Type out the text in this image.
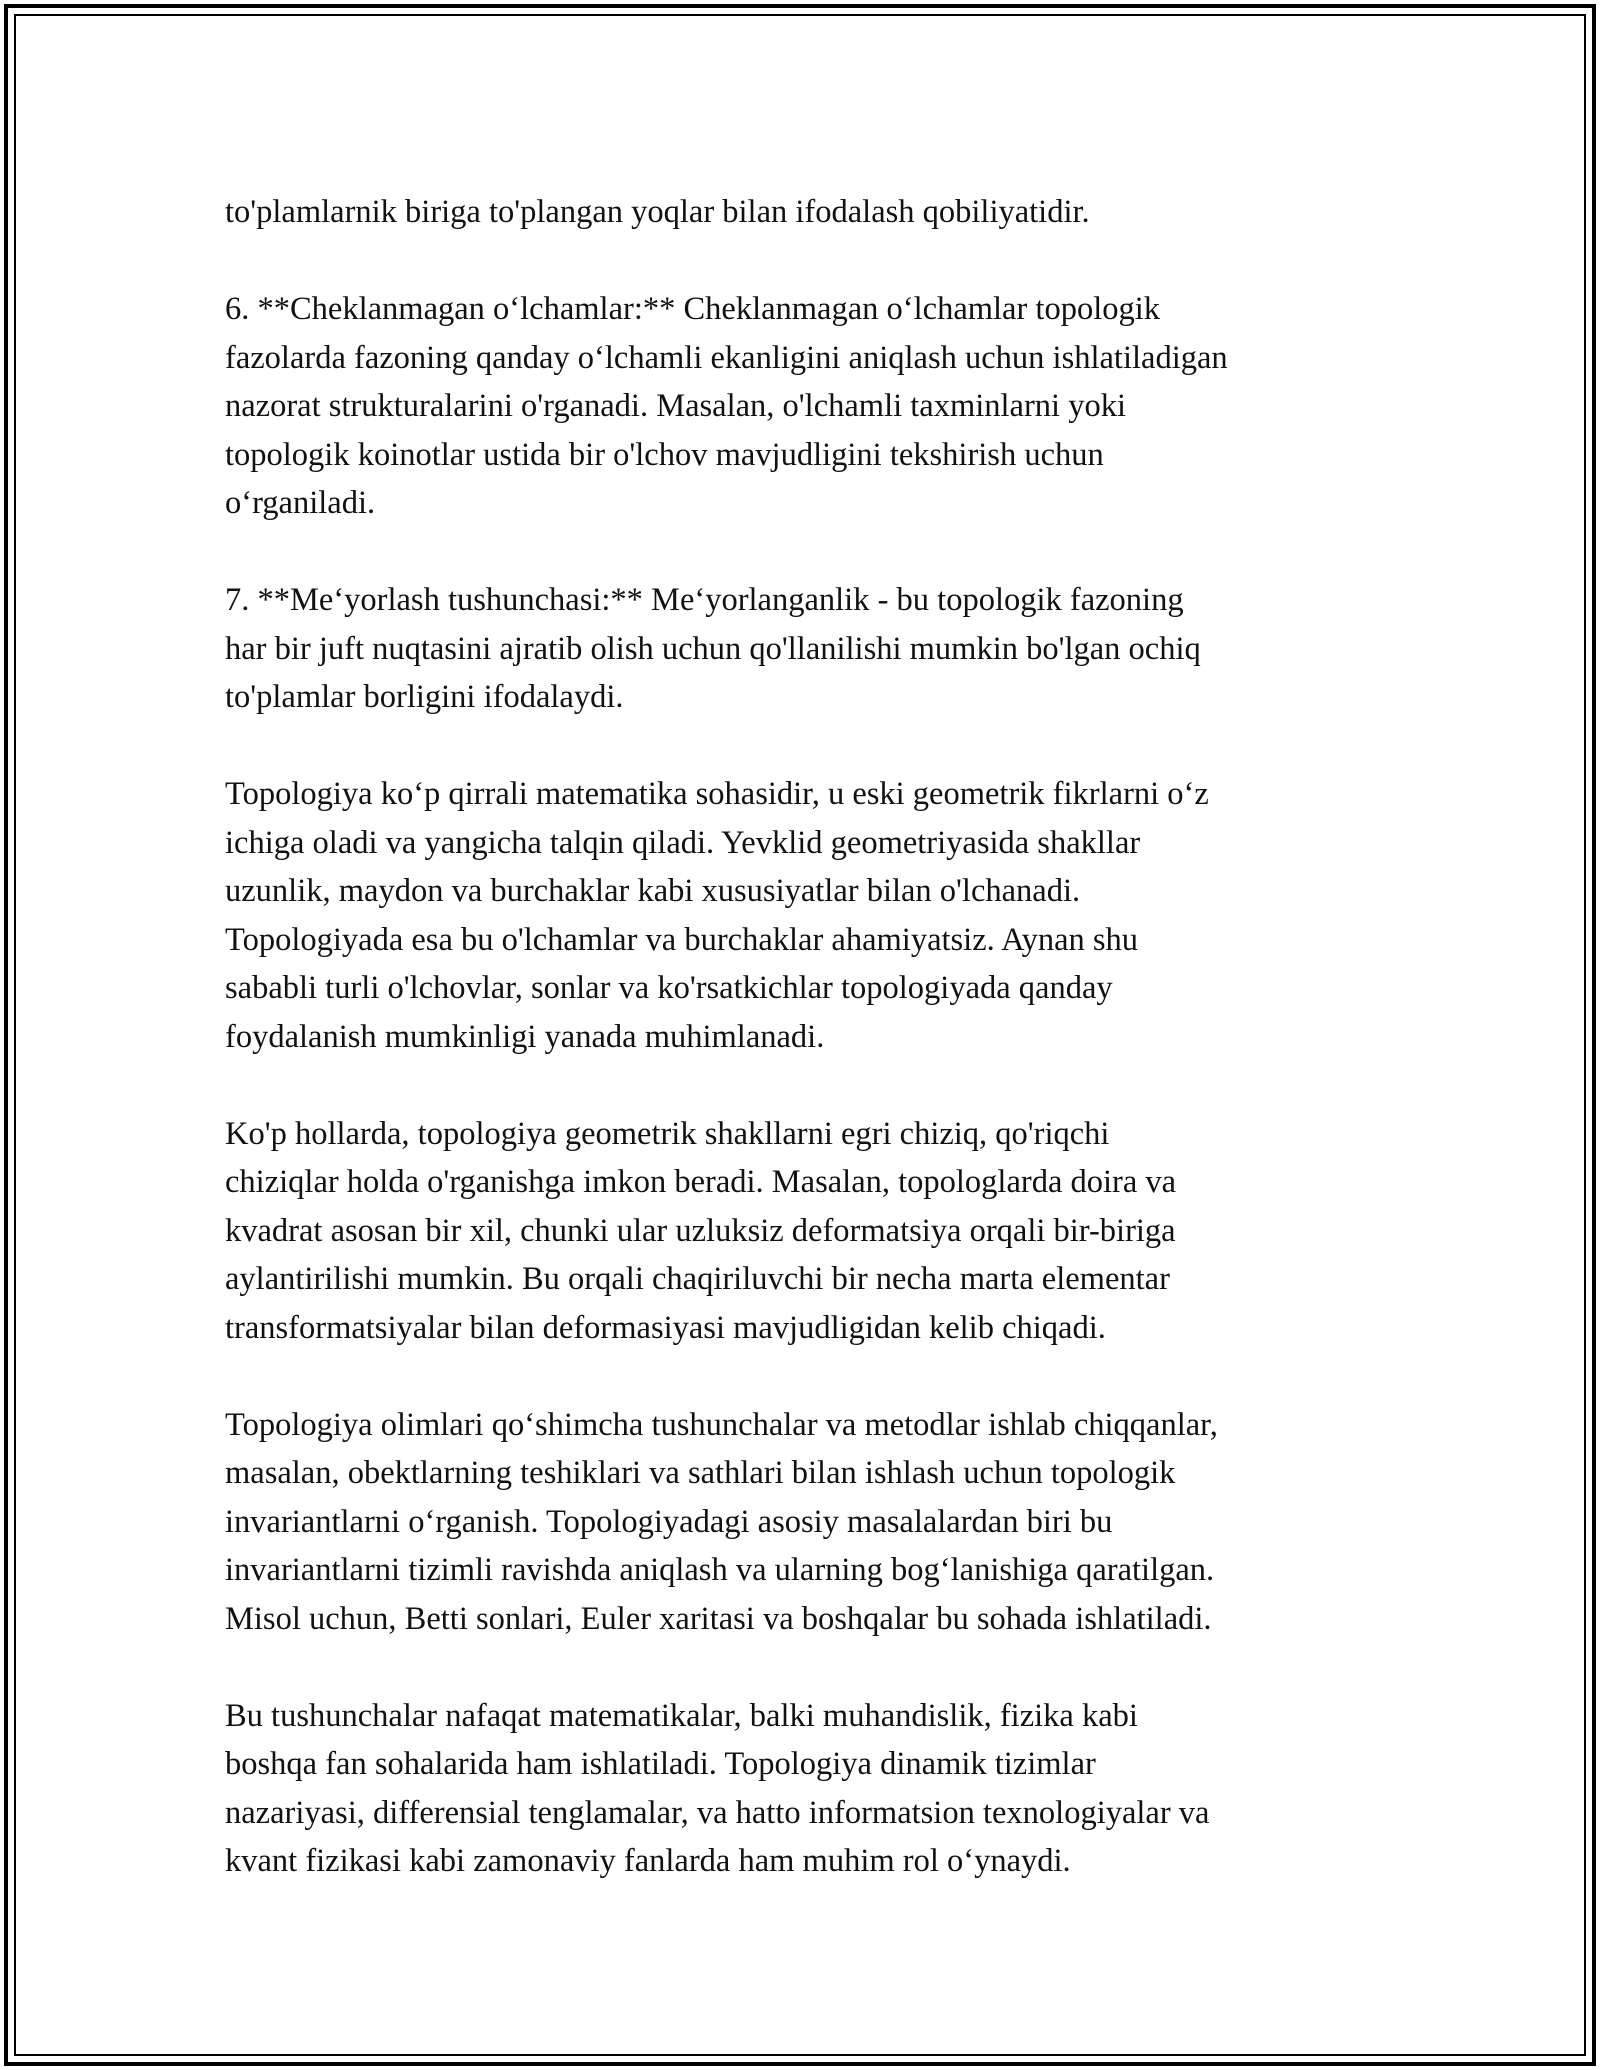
to'plamlarnik biriga to'plangan yoqlar bilan ifodalash qobiliyatidir.

6. **Cheklanmagan o‘lchamlar:** Cheklanmagan o‘lchamlar topologik
fazolarda fazoning qanday o‘lchamli ekanligini aniqlash uchun ishlatiladigan
nazorat strukturalarini o'rganadi. Masalan, o'lchamli taxminlarni yoki
topologik koinotlar ustida bir o'lchov mavjudligini tekshirish uchun
o‘rganiladi.

7. **Me‘yorlash tushunchasi:** Me‘yorlanganlik - bu topologik fazoning
har bir juft nuqtasini ajratib olish uchun qo'llanilishi mumkin bo'lgan ochiq
to'plamlar borligini ifodalaydi.

Topologiya ko‘p qirrali matematika sohasidir, u eski geometrik fikrlarni o‘z
ichiga oladi va yangicha talqin qiladi. Yevklid geometriyasida shakllar
uzunlik, maydon va burchaklar kabi xususiyatlar bilan o'lchanadi.
Topologiyada esa bu o'lchamlar va burchaklar ahamiyatsiz. Aynan shu
sababli turli o'lchovlar, sonlar va ko'rsatkichlar topologiyada qanday
foydalanish mumkinligi yanada muhimlanadi.

Ko'p hollarda, topologiya geometrik shakllarni egri chiziq, qo'riqchi
chiziqlar holda o'rganishga imkon beradi. Masalan, topologlarda doira va
kvadrat asosan bir xil, chunki ular uzluksiz deformatsiya orqali bir-biriga
aylantirilishi mumkin. Bu orqali chaqiriluvchi bir necha marta elementar
transformatsiyalar bilan deformasiyasi mavjudligidan kelib chiqadi.

Topologiya olimlari qo‘shimcha tushunchalar va metodlar ishlab chiqqanlar,
masalan, obektlarning teshiklari va sathlari bilan ishlash uchun topologik
invariantlarni o‘rganish. Topologiyadagi asosiy masalalardan biri bu
invariantlarni tizimli ravishda aniqlash va ularning bog‘lanishiga qaratilgan.
Misol uchun, Betti sonlari, Euler xaritasi va boshqalar bu sohada ishlatiladi.

Bu tushunchalar nafaqat matematikalar, balki muhandislik, fizika kabi
boshqa fan sohalarida ham ishlatiladi. Topologiya dinamik tizimlar
nazariyasi, differensial tenglamalar, va hatto informatsion texnologiyalar va
kvant fizikasi kabi zamonaviy fanlarda ham muhim rol o‘ynaydi.
